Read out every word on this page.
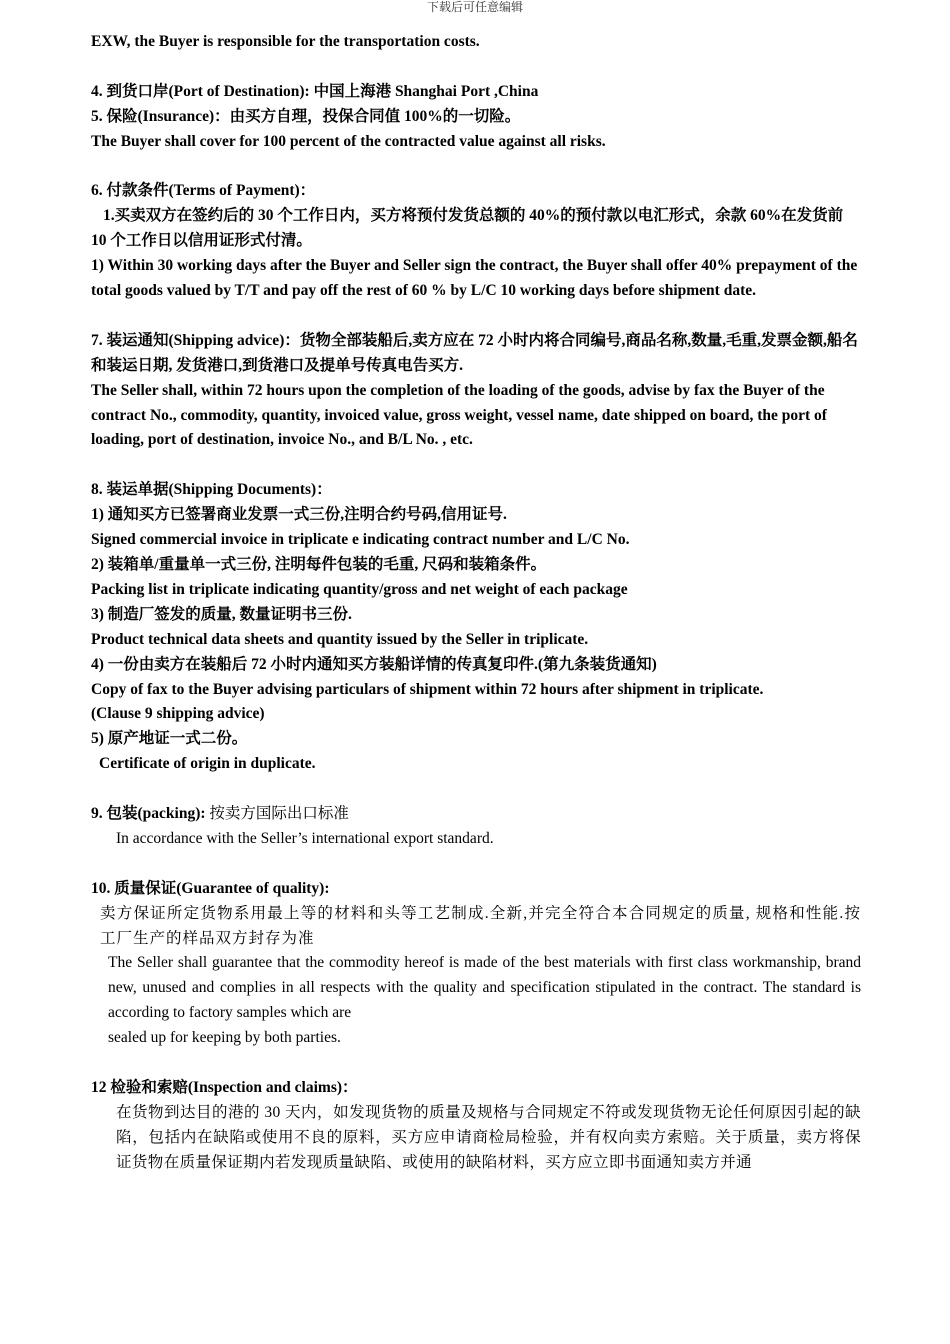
下载后可任意编辑

EXW, the Buyer is responsible for the transportation costs.

4. 到货口岸(Port of Destination): 中国上海港 Shanghai Port ,China

5. 保险(Insurance)：由买方自理，投保合同值 100%的一切险。

The Buyer shall cover for 100 percent of the contracted value against all risks.

6. 付款条件(Terms of Payment)：

1.买卖双方在签约后的 30 个工作日内，买方将预付发货总额的 40%的预付款以电汇形式，余款 60%在发货前 10 个工作日以信用证形式付清。

1) Within 30 working days after the Buyer and Seller sign the contract, the Buyer shall offer 40% prepayment of the total goods valued by T/T and pay off the rest of 60 % by L/C 10 working days before shipment date.

7. 装运通知(Shipping advice)：货物全部装船后,卖方应在 72 小时内将合同编号,商品名称,数量,毛重,发票金额,船名和装运日期, 发货港口,到货港口及提单号传真电告买方.

The Seller shall, within 72 hours upon the completion of the loading of the goods, advise by fax the Buyer of the contract No., commodity, quantity, invoiced value, gross weight, vessel name, date shipped on board, the port of loading, port of destination, invoice No., and B/L No. , etc.

8. 装运单据(Shipping Documents)：

1) 通知买方已签署商业发票一式三份,注明合约号码,信用证号.

Signed commercial invoice in triplicate e indicating contract number and L/C No.

2) 装箱单/重量单一式三份, 注明每件包装的毛重, 尺码和装箱条件。

Packing list in triplicate indicating quantity/gross and net weight of each package

3) 制造厂签发的质量, 数量证明书三份.

Product technical data sheets and quantity issued by the Seller in triplicate.

4) 一份由卖方在装船后 72 小时内通知买方装船详情的传真复印件.(第九条装货通知)

Copy of fax to the Buyer advising particulars of shipment within 72 hours after shipment in triplicate.

(Clause 9 shipping advice)

5) 原产地证一式二份。

Certificate of origin in duplicate.

9. 包装(packing): 按卖方国际出口标准

In accordance with the Seller’s international export standard.

10. 质量保证(Guarantee of quality):

卖方保证所定货物系用最上等的材料和头等工艺制成.全新,并完全符合本合同规定的质量, 规格和性能.按工厂生产的样品双方封存为准

The Seller shall guarantee that the commodity hereof is made of the best materials with first class workmanship, brand new, unused and complies in all respects with the quality and specification stipulated in the contract. The standard is according to factory samples which are

sealed up for keeping by both parties.

12 检验和索赔(Inspection and claims)：

在货物到达目的港的 30 天内，如发现货物的质量及规格与合同规定不符或发现货物无论任何原因引起的缺陷，包括内在缺陷或使用不良的原料，买方应申请商检局检验，并有权向卖方索赔。关于质量，卖方将保证货物在质量保证期内若发现质量缺陷、或使用的缺陷材料，买方应立即书面通知卖方并通
